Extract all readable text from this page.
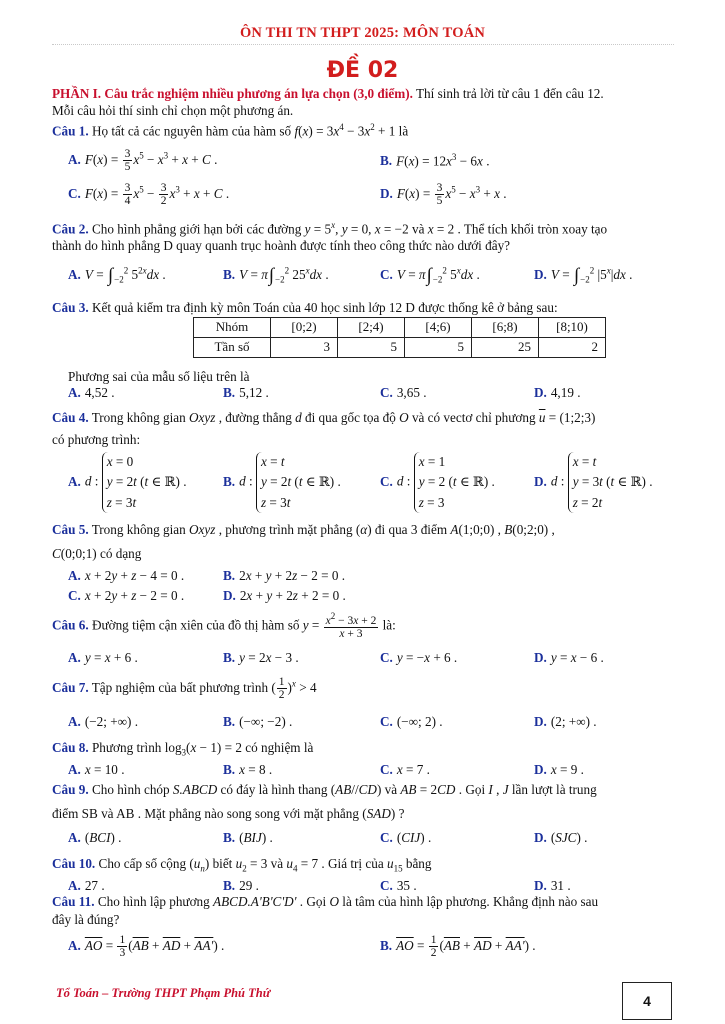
ÔN THI TN THPT 2025: MÔN TOÁN
ĐỀ 02
PHẦN I. Câu trắc nghiệm nhiều phương án lựa chọn (3,0 điểm). Thí sinh trả lời từ câu 1 đến câu 12.
Mỗi câu hỏi thí sinh chỉ chọn một phương án.
Câu 1. Họ tất cả các nguyên hàm của hàm số $f(x) = 3x^4 - 3x^2 + 1$ là
A. $F(x) = \frac{3}{5} x^5 - x^3 + x + C$ .	B. $F(x) = 12x^3 - 6x$ .
C. $F(x) = \frac{3}{4} x^5 - \frac{3}{2} x^3 + x + C$ .	D. $F(x) = \frac{3}{5} x^5 - x^3 + x$ .
Câu 2. Cho hình phẳng giới hạn bởi các đường $y = 5^x$, y = 0, x = −2 và x = 2 . Thể tích khối tròn xoay tạo
thành do hình phẳng D quay quanh trục hoành được tính theo công thức nào dưới đây?
A. $V = \int_{-2}^2$ $5^{2x}dx$ .	B. $V = \pi\int_{-2}^2$ 25$^x$dx .	C. $V = \pi\int_{-2}^2$ 5$^x$dx .	D. $V = \int_{-2}^2$ |5$^x$|dx .
Câu 3. Kết quả kiểm tra định kỳ môn Toán của 40 học sinh lớp 12 D được thống kê ở bảng sau:
Nhóm	[0;2)	[2;4)	[4;6)	[6;8)	[8;10)
Tần số	3	5	5	25	2
Phương sai của mẫu số liệu trên là
A. 4,52 .	B. 5,12 .	C. 3,65 .	D. 4,19 .
Câu 4. Trong không gian Oxyz , đường thẳng d đi qua gốc tọa độ O và có vectơ chỉ phương $\overline{u}$ = (1;2;3)
có phương trình:
A. d : x = 0
y = 2t (t ∈ ℝ) .
z = 3t
B. d : x = t
y = 2t (t ∈ ℝ) .
z = 3t
C. d : x = 1
y = 2 (t ∈ ℝ) .
z = 3
D. d : x = t
y = 3t (t ∈ ℝ) .
z = 2t
Câu 5. Trong không gian Oxyz , phương trình mặt phẳng (α) đi qua 3 điểm A(1;0;0) , B(0;2;0) ,
C(0;0;1) có dạng
A. x + 2y + z − 4 = 0 .	B. 2x + y + 2z − 2 = 0 .
C. x + 2y + z − 2 = 0 .	D. 2x + y + 2z + 2 = 0 .
Câu 6. Đường tiệm cận xiên của đồ thị hàm số $y = \frac{x^2 - 3x + 2}{x + 3}$ là:
A. y = x + 6 .	B. y = 2x − 3 .	C. y = −x + 6 .	D. y = x − 6 .
Câu 7. Tập nghiệm của bất phương trình ( $\frac{1}{2} )^x > 4$
A. (−2; +∞) .	B. (−∞; −2) .	C. (−∞; 2) .	D. (2; +∞) .
Câu 8. Phương trình $\log_3(x - 1) = 2$ có nghiệm là
A. x = 10 .	B. x = 8 .	C. x = 7 .	D. x = 9 .
Câu 9. Cho hình chóp S.ABCD có đáy là hình thang (AB//CD) và AB = 2CD . Gọi I , J lần lượt là trung
điểm SB và AB . Mặt phẳng nào song song với mặt phẳng (SAD) ?
A. (BCI) .	B. (BIJ) .	C. (CIJ) .	D. (SJC) .
Câu 10. Cho cấp số cộng $(u_n)$ biết $u_2 = 3$ và $u_4 = 7$ . Giá trị của $u_{15}$ bằng
A. 27 .	B. 29 .	C. 35 .	D. 31 .
Câu 11. Cho hình lập phương ABCD.A'B'C'D' . Gọi O là tâm của hình lập phương. Khẳng định nào sau
đây là đúng?
A. $\overline{AO} = \frac{1}{3} (\overline{AB} + \overline{AD} + AA')$ .	B. $\overline{AO} = \frac{1}{2} (\overline{AB} + \overline{AD} + AA')$ .
Tổ Toán – Trường THPT Phạm Phú Thứ	4
